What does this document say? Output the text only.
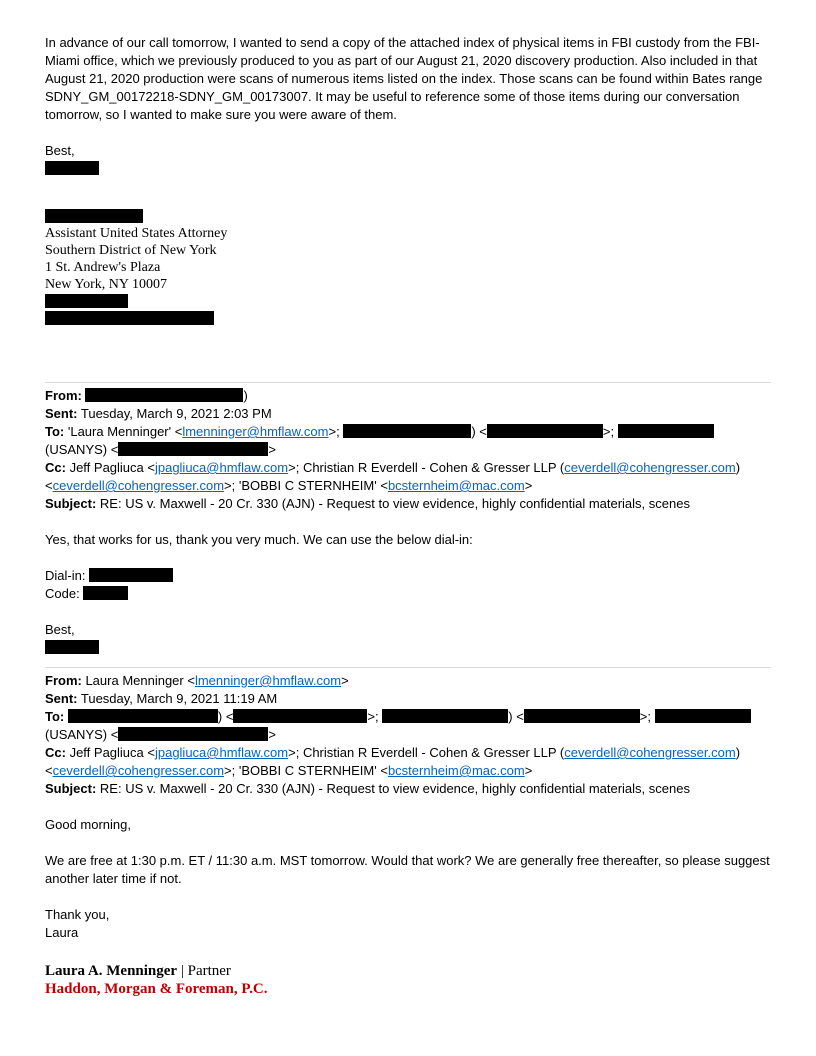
In advance of our call tomorrow, I wanted to send a copy of the attached index of physical items in FBI custody from the FBI-Miami office, which we previously produced to you as part of our August 21, 2020 discovery production. Also included in that August 21, 2020 production were scans of numerous items listed on the index. Those scans can be found within Bates range SDNY_GM_00172218-SDNY_GM_00173007. It may be useful to reference some of those items during our conversation tomorrow, so I wanted to make sure you were aware of them.
Best,
Assistant United States Attorney
Southern District of New York
1 St. Andrew's Plaza
New York, NY 10007
From:	)
Sent: Tuesday, March 9, 2021 2:03 PM
To: 'Laura Menninger' <lmenninger@hmflaw.com>;	) <	>;
(USANYS) <	>
Cc: Jeff Pagliuca <jpagliuca@hmflaw.com>; Christian R Everdell - Cohen & Gresser LLP (ceverdell@cohengresser.com)
<ceverdell@cohengresser.com>; 'BOBBI C STERNHEIM' <bcsternheim@mac.com>
Subject: RE: US v. Maxwell - 20 Cr. 330 (AJN) - Request to view evidence, highly confidential materials, scenes
Yes, that works for us, thank you very much. We can use the below dial-in:
Dial-in:
Code:
Best,
From: Laura Menninger <lmenninger@hmflaw.com>
Sent: Tuesday, March 9, 2021 11:19 AM
To:	) <	>;	) <	>;
(USANYS) <	>
Cc: Jeff Pagliuca <jpagliuca@hmflaw.com>; Christian R Everdell - Cohen & Gresser LLP (ceverdell@cohengresser.com)
<ceverdell@cohengresser.com>; 'BOBBI C STERNHEIM' <bcsternheim@mac.com>
Subject: RE: US v. Maxwell - 20 Cr. 330 (AJN) - Request to view evidence, highly confidential materials, scenes
Good morning,
We are free at 1:30 p.m. ET / 11:30 a.m. MST tomorrow. Would that work? We are generally free thereafter, so please suggest another later time if not.
Thank you,
Laura
Laura A. Menninger | Partner
Haddon, Morgan & Foreman, P.C.
